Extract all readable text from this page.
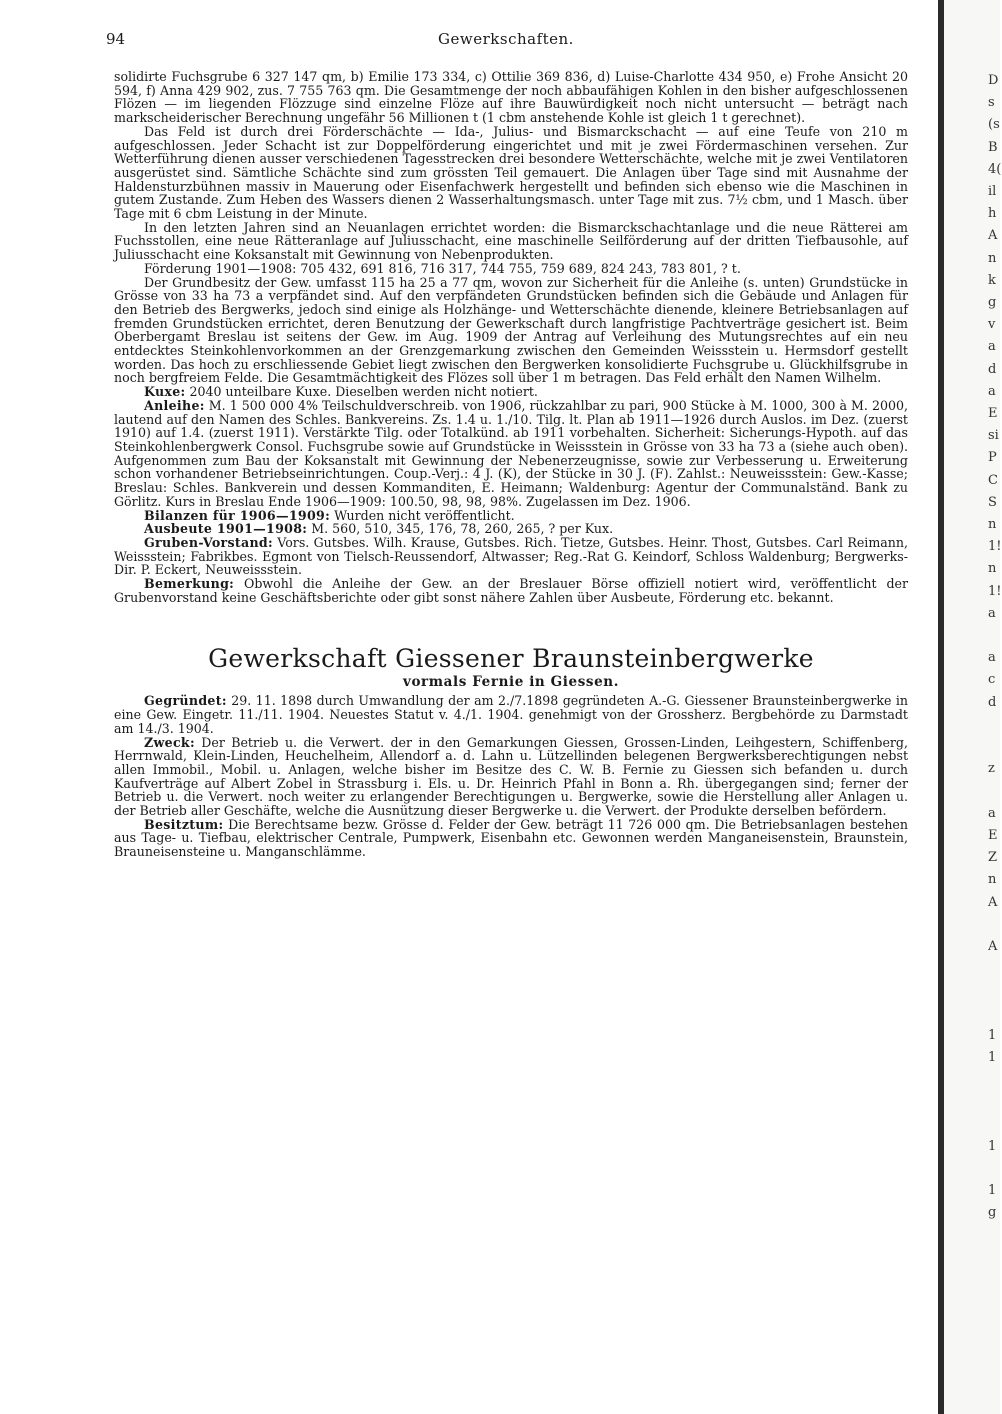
94	Gewerkschaften.

solidirte Fuchsgrube 6 327 147 qm, b) Emilie 173 334, c) Ottilie 369 836, d) Luise-Charlotte 434 950, e) Frohe Ansicht 20 594, f) Anna 429 902, zus. 7 755 763 qm. Die Gesamtmenge der noch abbaufähigen Kohlen in den bisher aufgeschlossenen Flözen — im liegenden Flözzuge sind einzelne Flöze auf ihre Bauwürdigkeit noch nicht untersucht — beträgt nach markscheiderischer Berechnung ungefähr 56 Millionen t (1 cbm anstehende Kohle ist gleich 1 t gerechnet).

Das Feld ist durch drei Förderschächte — Ida-, Julius- und Bismarckschacht — auf eine Teufe von 210 m aufgeschlossen. Jeder Schacht ist zur Doppelförderung eingerichtet und mit je zwei Fördermaschinen versehen. Zur Wetterführung dienen ausser verschiedenen Tagesstrecken drei besondere Wetterschächte, welche mit je zwei Ventilatoren ausgerüstet sind. Sämtliche Schächte sind zum grössten Teil gemauert. Die Anlagen über Tage sind mit Ausnahme der Haldensturzbühnen massiv in Mauerung oder Eisenfachwerk hergestellt und befinden sich ebenso wie die Maschinen in gutem Zustande. Zum Heben des Wassers dienen 2 Wasserhaltungsmasch. unter Tage mit zus. 7½ cbm, und 1 Masch. über Tage mit 6 cbm Leistung in der Minute.

In den letzten Jahren sind an Neuanlagen errichtet worden: die Bismarckschachtanlage und die neue Rätterei am Fuchsstollen, eine neue Rätteranlage auf Juliusschacht, eine maschinelle Seilförderung auf der dritten Tiefbausohle, auf Juliusschacht eine Koksanstalt mit Gewinnung von Nebenprodukten.

Förderung 1901—1908: 705 432, 691 816, 716 317, 744 755, 759 689, 824 243, 783 801, ? t.

Der Grundbesitz der Gew. umfasst 115 ha 25 a 77 qm, wovon zur Sicherheit für die Anleihe (s. unten) Grundstücke in Grösse von 33 ha 73 a verpfändet sind. Auf den verpfändeten Grundstücken befinden sich die Gebäude und Anlagen für den Betrieb des Bergwerks, jedoch sind einige als Holzhänge- und Wetterschächte dienende, kleinere Betriebsanlagen auf fremden Grundstücken errichtet, deren Benutzung der Gewerkschaft durch langfristige Pachtverträge gesichert ist. Beim Oberbergamt Breslau ist seitens der Gew. im Aug. 1909 der Antrag auf Verleihung des Mutungsrechtes auf ein neu entdecktes Steinkohlenvorkommen an der Grenzgemarkung zwischen den Gemeinden Weissstein u. Hermsdorf gestellt worden. Das hoch zu erschliessende Gebiet liegt zwischen den Bergwerken konsolidierte Fuchsgrube u. Glückhilfsgrube in noch bergfreiem Felde. Die Gesamtmächtigkeit des Flözes soll über 1 m betragen. Das Feld erhält den Namen Wilhelm.

Kuxe: 2040 unteilbare Kuxe. Dieselben werden nicht notiert.

Anleihe: M. 1 500 000 4% Teilschuldverschreib. von 1906, rückzahlbar zu pari, 900 Stücke à M. 1000, 300 à M. 2000, lautend auf den Namen des Schles. Bankvereins. Zs. 1.4 u. 1./10. Tilg. lt. Plan ab 1911—1926 durch Auslos. im Dez. (zuerst 1910) auf 1.4. (zuerst 1911). Verstärkte Tilg. oder Totalkünd. ab 1911 vorbehalten. Sicherheit: Sicherungs-Hypoth. auf das Steinkohlenbergwerk Consol. Fuchsgrube sowie auf Grundstücke in Weissstein in Grösse von 33 ha 73 a (siehe auch oben). Aufgenommen zum Bau der Koksanstalt mit Gewinnung der Nebenerzeugnisse, sowie zur Verbesserung u. Erweiterung schon vorhandener Betriebseinrichtungen. Coup.-Verj.: 4 J. (K), der Stücke in 30 J. (F). Zahlst.: Neuweissstein: Gew.-Kasse; Breslau: Schles. Bankverein und dessen Kommanditen, E. Heimann; Waldenburg: Agentur der Communalständ. Bank zu Görlitz. Kurs in Breslau Ende 1906—1909: 100.50, 98, 98, 98%. Zugelassen im Dez. 1906.

Bilanzen für 1906—1909: Wurden nicht veröffentlicht.

Ausbeute 1901—1908: M. 560, 510, 345, 176, 78, 260, 265, ? per Kux.

Gruben-Vorstand: Vors. Gutsbes. Wilh. Krause, Gutsbes. Rich. Tietze, Gutsbes. Heinr. Thost, Gutsbes. Carl Reimann, Weissstein; Fabrikbes. Egmont von Tielsch-Reussendorf, Altwasser; Reg.-Rat G. Keindorf, Schloss Waldenburg; Bergwerks-Dir. P. Eckert, Neuweissstein.

Bemerkung: Obwohl die Anleihe der Gew. an der Breslauer Börse offiziell notiert wird, veröffentlicht der Grubenvorstand keine Geschäftsberichte oder gibt sonst nähere Zahlen über Ausbeute, Förderung etc. bekannt.

Gewerkschaft Giessener Braunsteinbergwerke
vormals Fernie in Giessen.

Gegründet: 29. 11. 1898 durch Umwandlung der am 2./7.1898 gegründeten A.-G. Giessener Braunsteinbergwerke in eine Gew. Eingetr. 11./11. 1904. Neuestes Statut v. 4./1. 1904. genehmigt von der Grossherz. Bergbehörde zu Darmstadt am 14./3. 1904.

Zweck: Der Betrieb u. die Verwert. der in den Gemarkungen Giessen, Grossen-Linden, Leihgestern, Schiffenberg, Herrnwald, Klein-Linden, Heuchelheim, Allendorf a. d. Lahn u. Lützellinden belegenen Bergwerksberechtigungen nebst allen Immobil., Mobil. u. Anlagen, welche bisher im Besitze des C. W. B. Fernie zu Giessen sich befanden u. durch Kaufverträge auf Albert Zobel in Strassburg i. Els. u. Dr. Heinrich Pfahl in Bonn a. Rh. übergegangen sind; ferner der Betrieb u. die Verwert. noch weiter zu erlangender Berechtigungen u. Bergwerke, sowie die Herstellung aller Anlagen u. der Betrieb aller Geschäfte, welche die Ausnützung dieser Bergwerke u. die Verwert. der Produkte derselben befördern.

Besitztum: Die Berechtsame bezw. Grösse d. Felder der Gew. beträgt 11 726 000 qm. Die Betriebsanlagen bestehen aus Tage- u. Tiefbau, elektrischer Centrale, Pumpwerk, Eisenbahn etc. Gewonnen werden Manganeisenstein, Braunstein, Brauneisensteine u. Manganschlämme.

D
s
(s
B
4(
il
h
A
n
k
g
v
a
d
a
E
si
P
C
S
n
1!
n
1!
a

a
c
d

z

a
E
Z
n
A

A

1
1

1

1
g
